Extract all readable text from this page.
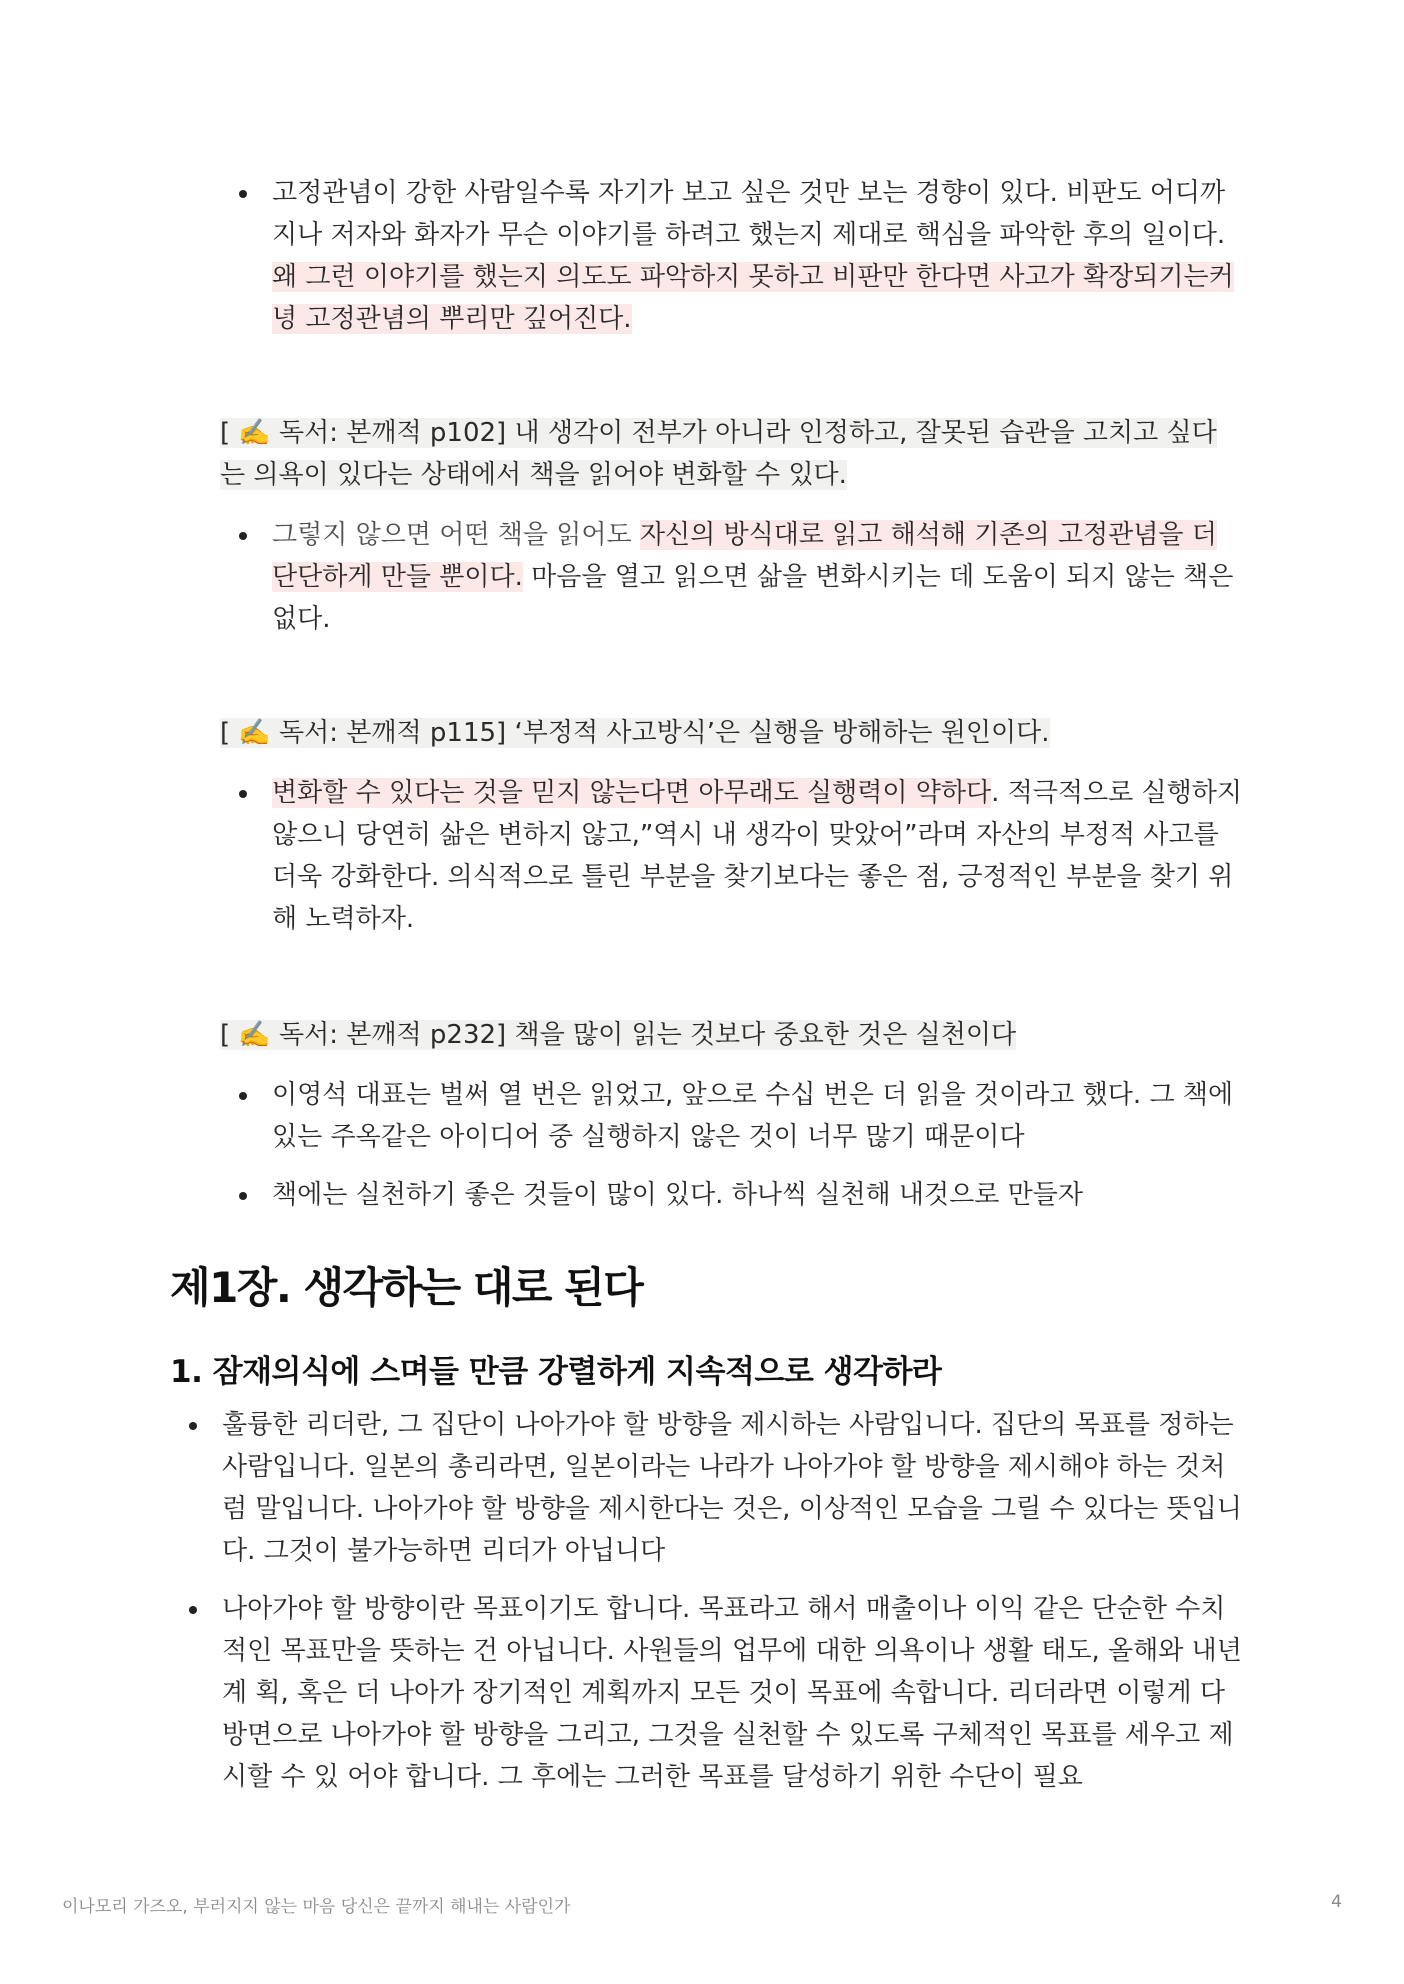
고정관념이 강한 사람일수록 자기가 보고 싶은 것만 보는 경향이 있다. 비판도 어디까지나 저자와 화자가 무슨 이야기를 하려고 했는지 제대로 핵심을 파악한 후의 일이다. 왜 그런 이야기를 했는지 의도도 파악하지 못하고 비판만 한다면 사고가 확장되기는커녕 고정관념의 뿌리만 깊어진다.
[ ✍️ 독서: 본깨적 p102] 내 생각이 전부가 아니라 인정하고, 잘못된 습관을 고치고 싶다는 의욕이 있다는 상태에서 책을 읽어야 변화할 수 있다.
그렇지 않으면 어떤 책을 읽어도 자신의 방식대로 읽고 해석해 기존의 고정관념을 더 단단하게 만들 뿐이다. 마음을 열고 읽으면 삶을 변화시키는 데 도움이 되지 않는 책은 없다.
[ ✍️ 독서: 본깨적 p115] ‘부정적 사고방식’은 실행을 방해하는 원인이다.
변화할 수 있다는 것을 믿지 않는다면 아무래도 실행력이 약하다. 적극적으로 실행하지 않으니 당연히 삶은 변하지 않고,”역시 내 생각이 맞았어”라며 자산의 부정적 사고를 더욱 강화한다. 의식적으로 틀린 부분을 찾기보다는 좋은 점, 긍정적인 부분을 찾기 위해 노력하자.
[ ✍️ 독서: 본깨적 p232] 책을 많이 읽는 것보다 중요한 것은 실천이다
이영석 대표는 벌써 열 번은 읽었고, 앞으로 수십 번은 더 읽을 것이라고 했다. 그 책에 있는 주옥같은 아이디어 중 실행하지 않은 것이 너무 많기 때문이다
책에는 실천하기 좋은 것들이 많이 있다. 하나씩 실천해 내것으로 만들자
제1장. 생각하는 대로 된다
1. 잠재의식에 스며들 만큼 강렬하게 지속적으로 생각하라
훌륭한 리더란, 그 집단이 나아가야 할 방향을 제시하는 사람입니다. 집단의 목표를 정하는 사람입니다. 일본의 총리라면, 일본이라는 나라가 나아가야 할 방향을 제시해야 하는 것처럼 말입니다. 나아가야 할 방향을 제시한다는 것은, 이상적인 모습을 그릴 수 있다는 뜻입니다. 그것이 불가능하면 리더가 아닙니다
나아가야 할 방향이란 목표이기도 합니다. 목표라고 해서 매출이나 이익 같은 단순한 수치적인 목표만을 뜻하는 건 아닙니다. 사원들의 업무에 대한 의욕이나 생활 태도, 올해와 내년 계 획, 혹은 더 나아가 장기적인 계획까지 모든 것이 목표에 속합니다. 리더라면 이렇게 다방면으로 나아가야 할 방향을 그리고, 그것을 실천할 수 있도록 구체적인 목표를 세우고 제시할 수 있 어야 합니다. 그 후에는 그러한 목표를 달성하기 위한 수단이 필요
이나모리 가즈오, 부러지지 않는 마음 당신은 끝까지 해내는 사람인가	4
